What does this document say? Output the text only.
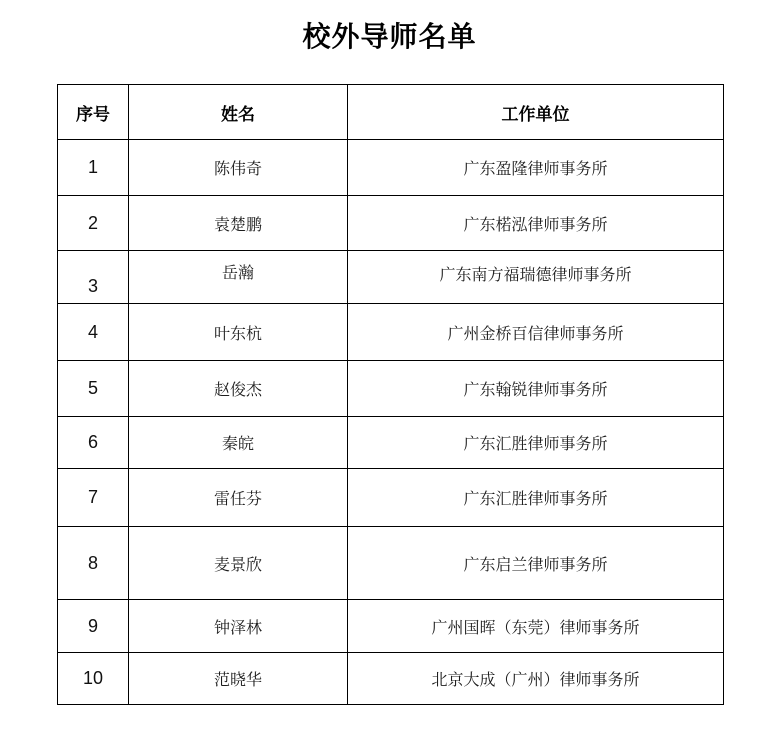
校外导师名单
序号	姓名	工作单位
1	陈伟奇	广东盈隆律师事务所
2	袁楚鹏	广东楉泓律师事务所
3	岳瀚	广东南方福瑞德律师事务所
4	叶东杭	广州金桥百信律师事务所
5	赵俊杰	广东翰锐律师事务所
6	秦皖	广东汇胜律师事务所
7	雷任芬	广东汇胜律师事务所
8	麦景欣	广东启兰律师事务所
9	钟泽林	广州国晖（东莞）律师事务所
10	范晓华	北京大成（广州）律师事务所
